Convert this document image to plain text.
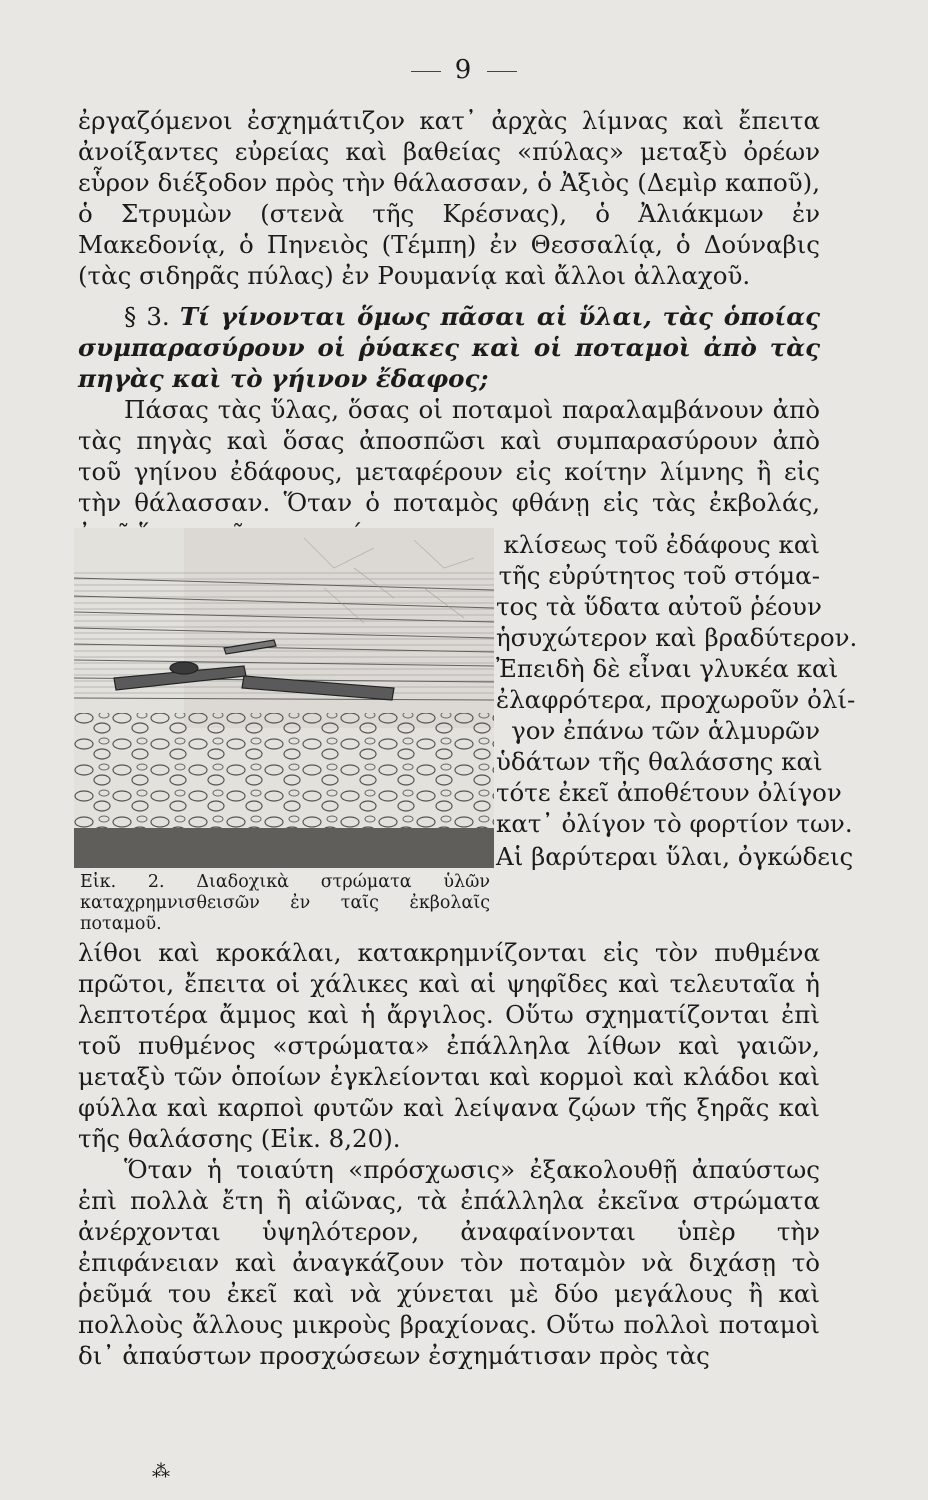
9

ἐργαζόμενοι ἐσχημάτιζον κατ᾽ ἀρχὰς λίμνας καὶ ἔπειτα ἀνοίξαντες εὐρείας καὶ βαθείας «πύλας» μεταξὺ ὀρέων εὗρον διέξοδον πρὸς τὴν θάλασσαν, ὁ Ἀξιὸς (Δεμὶρ καποῦ), ὁ Στρυμὼν (στενὰ τῆς Κρέσνας), ὁ Ἀλιάκμων ἐν Μακεδονίᾳ, ὁ Πηνειὸς (Τέμπη) ἐν Θεσσαλίᾳ, ὁ Δούναβις (τὰς σιδηρᾶς πύλας) ἐν Ρουμανίᾳ καὶ ἄλλοι ἀλλαχοῦ.

§ 3. Τί γίνονται ὅμως πᾶσαι αἱ ὕλαι, τὰς ὁποίας συμπαρασύρουν οἱ ῥύακες καὶ οἱ ποταμοὶ ἀπὸ τὰς πηγὰς καὶ τὸ γήινον ἔδαφος;

Πάσας τὰς ὕλας, ὅσας οἱ ποταμοὶ παραλαμβάνουν ἀπὸ τὰς πηγὰς καὶ ὅσας ἀποσπῶσι καὶ συμπαρασύρουν ἀπὸ τοῦ γηίνου ἐδάφους, μεταφέρουν εἰς κοίτην λίμνης ἢ εἰς τὴν θάλασσαν. Ὅταν ὁ ποταμὸς φθάνῃ εἰς τὰς ἐκβολάς,

κλίσεως τοῦ ἐδάφους καὶ
τῆς εὐρύτητος τοῦ στόμα-
τος τὰ ὕδατα αὐτοῦ ῥέουν
ἡσυχώτερον καὶ βραδύτερον.
Ἐπειδὴ δὲ εἶναι γλυκέα καὶ
ἐλαφρότερα, προχωροῦν ὀλί-
γον ἐπάνω τῶν ἁλμυρῶν
ὑδάτων τῆς θαλάσσης καὶ
τότε ἐκεῖ ἀποθέτουν ὀλίγον
κατ᾽ ὀλίγον τὸ φορτίον των.
Αἱ βαρύτεραι ὕλαι, ὀγκώδεις
Εἰκ. 2. Διαδοχικὰ στρώματα ὑλῶν καταχρημνισθεισῶν ἐν ταῖς ἐκβολαῖς ποταμοῦ.

λίθοι καὶ κροκάλαι, κατακρημνίζονται εἰς τὸν πυθμένα πρῶτοι, ἔπειτα οἱ χάλικες καὶ αἱ ψηφῖδες καὶ τελευταῖα ἡ λεπτοτέρα ἄμμος καὶ ἡ ἄργιλος. Οὕτω σχηματίζονται ἐπὶ τοῦ πυθμένος «στρώματα» ἐπάλληλα λίθων καὶ γαιῶν, μεταξὺ τῶν ὁποίων ἐγκλείονται καὶ κορμοὶ καὶ κλάδοι καὶ φύλλα καὶ καρποὶ φυτῶν καὶ λείψανα ζῴων τῆς ξηρᾶς καὶ τῆς θαλάσσης (Εἰκ. 8,20).

Ὅταν ἡ τοιαύτη «πρόσχωσις» ἐξακολουθῇ ἀπαύστως ἐπὶ πολλὰ ἔτη ἢ αἰῶνας, τὰ ἐπάλληλα ἐκεῖνα στρώματα ἀνέρχονται ὑψηλότερον, ἀναφαίνονται ὑπὲρ τὴν ἐπιφάνειαν καὶ ἀναγκάζουν τὸν ποταμὸν νὰ διχάσῃ τὸ ῥεῦμά του ἐκεῖ καὶ νὰ χύνεται μὲ δύο μεγάλους ἢ καὶ πολλοὺς ἄλλους μικροὺς βραχίονας. Οὕτω πολλοὶ ποταμοὶ δι᾽ ἀπαύστων προσχώσεων ἐσχημάτισαν πρὸς τὰς

⁂
